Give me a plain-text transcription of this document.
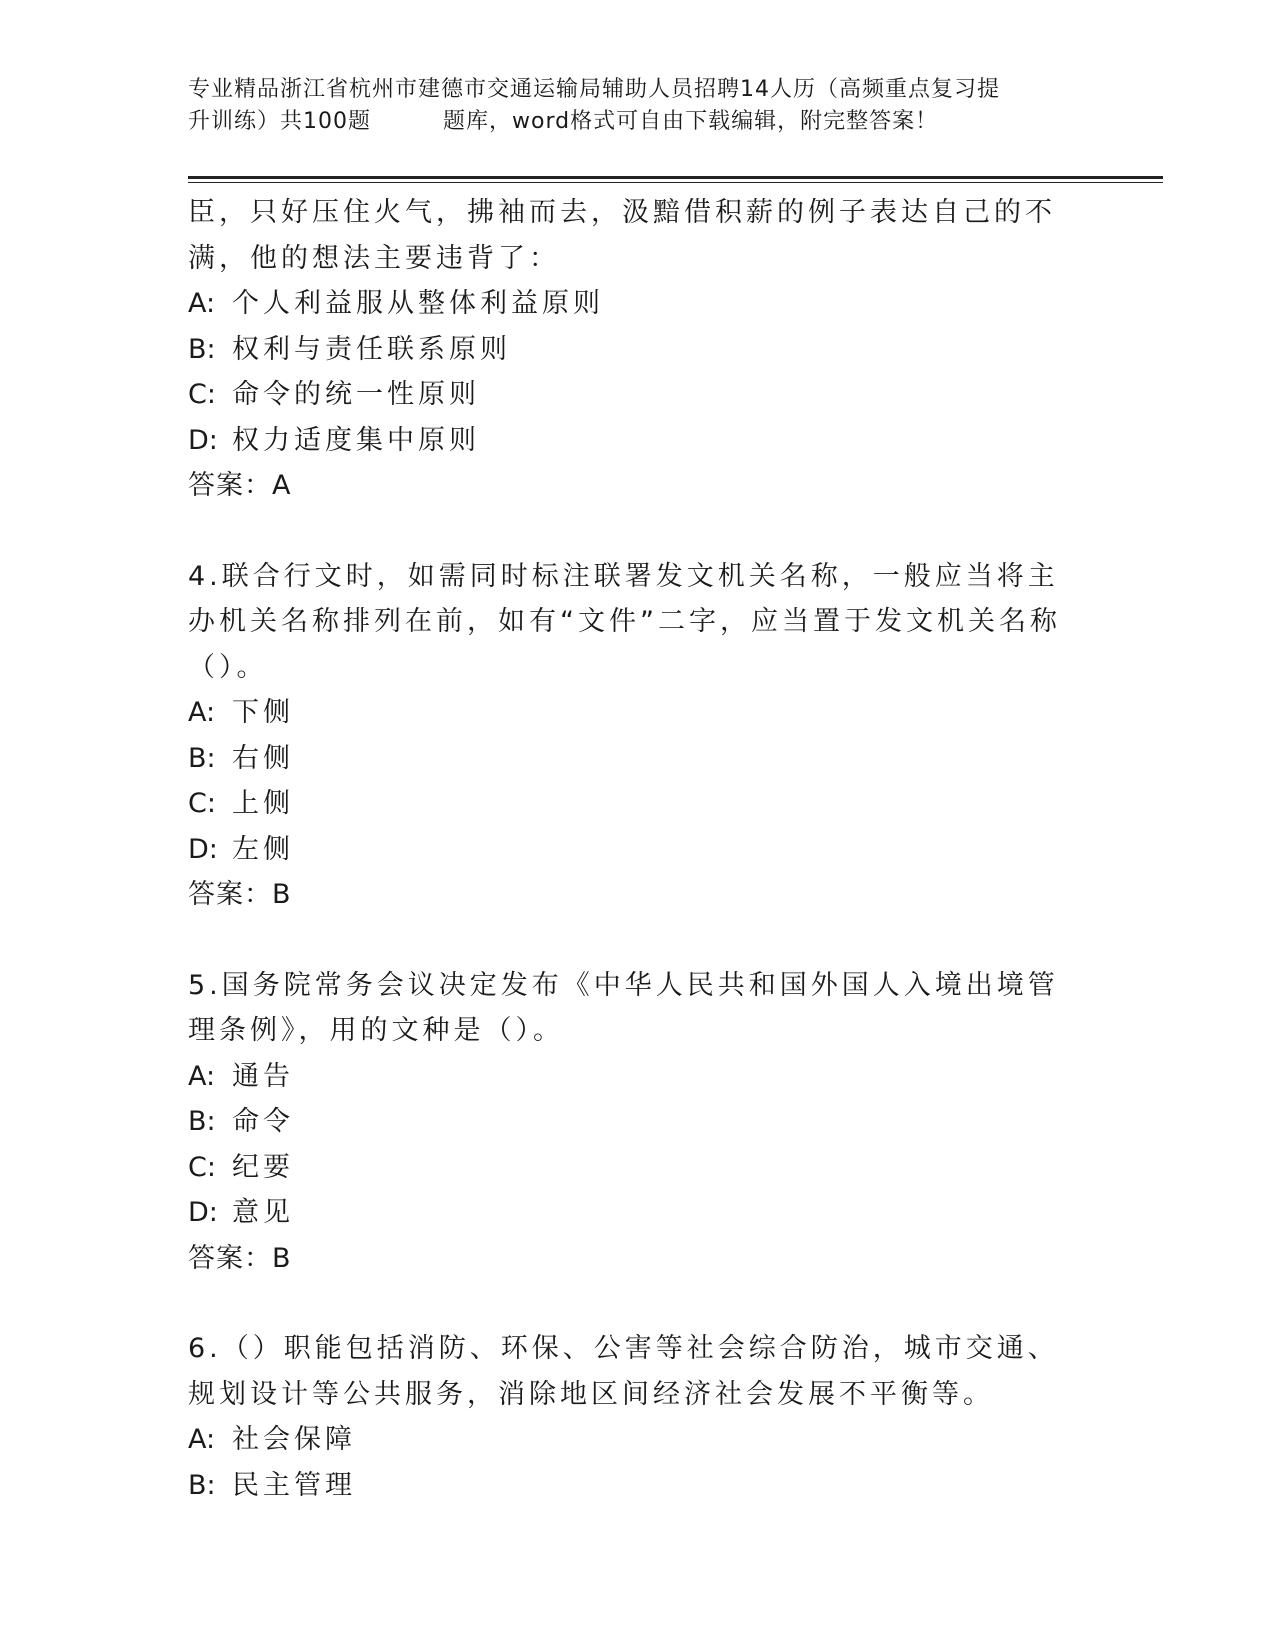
专业精品浙江省杭州市建德市交通运输局辅助人员招聘14人历（高频重点复习提
升训练）共100题	题库，word格式可自由下载编辑，附完整答案！

臣，只好压住火气，拂袖而去，汲黯借积薪的例子表达自己的不满，他的想法主要违背了：

A: 个人利益服从整体利益原则

B: 权利与责任联系原则

C: 命令的统一性原则

D: 权力适度集中原则

答案：A

4.联合行文时，如需同时标注联署发文机关名称，一般应当将主办机关名称排列在前，如有“文件”二字，应当置于发文机关名称（）。

A: 下侧

B: 右侧

C: 上侧

D: 左侧

答案：B

5.国务院常务会议决定发布《中华人民共和国外国人入境出境管理条例》，用的文种是（）。

A: 通告

B: 命令

C: 纪要

D: 意见

答案：B

6.（）职能包括消防、环保、公害等社会综合防治，城市交通、规划设计等公共服务，消除地区间经济社会发展不平衡等。

A: 社会保障

B: 民主管理
